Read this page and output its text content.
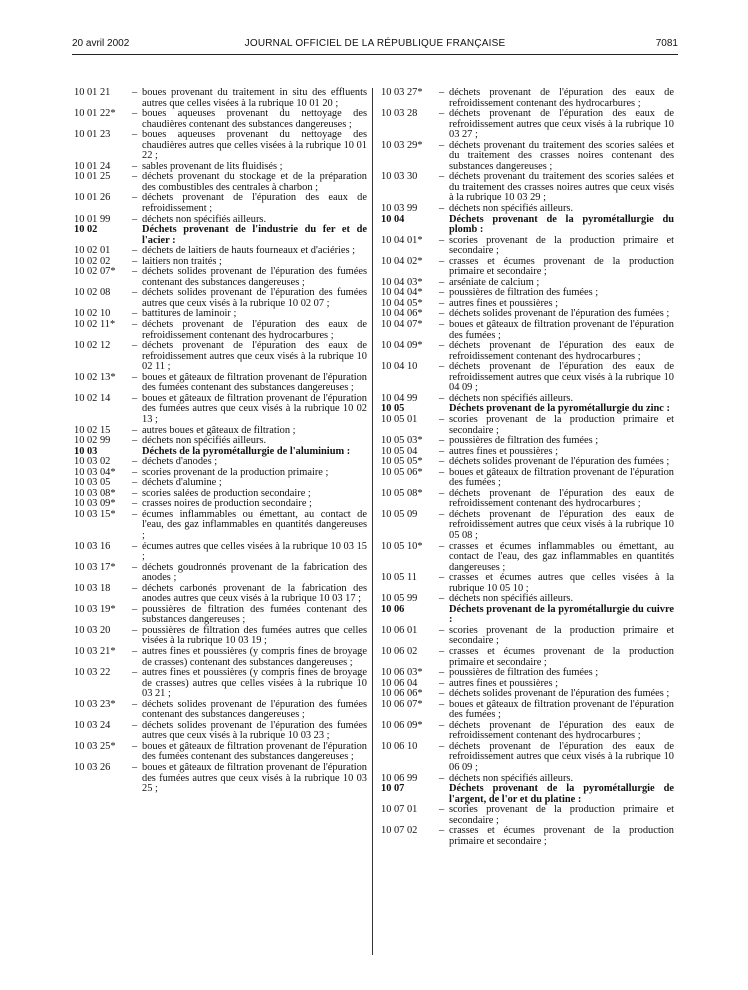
20 avril 2002	JOURNAL OFFICIEL DE LA RÉPUBLIQUE FRANÇAISE	7081
10 01 21	– boues provenant du traitement in situ des effluents autres que celles visées à la rubrique 10 01 20 ;
10 01 22*	– boues aqueuses provenant du nettoyage des chaudières contenant des substances dangereuses ;
10 01 23	– boues aqueuses provenant du nettoyage des chaudières autres que celles visées à la rubrique 10 01 22 ;
10 01 24	– sables provenant de lits fluidisés ;
10 01 25	– déchets provenant du stockage et de la préparation des combustibles des centrales à charbon ;
10 01 26	– déchets provenant de l'épuration des eaux de refroidissement ;
10 01 99	– déchets non spécifiés ailleurs.
10 02	Déchets provenant de l'industrie du fer et de l'acier :
10 02 01	– déchets de laitiers de hauts fourneaux et d'aciéries ;
10 02 02	– laitiers non traités ;
10 02 07*	– déchets solides provenant de l'épuration des fumées contenant des substances dangereuses ;
10 02 08	– déchets solides provenant de l'épuration des fumées autres que ceux visés à la rubrique 10 02 07 ;
10 02 10	– battitures de laminoir ;
10 02 11*	– déchets provenant de l'épuration des eaux de refroidissement contenant des hydrocarbures ;
10 02 12	– déchets provenant de l'épuration des eaux de refroidissement autres que ceux visés à la rubrique 10 02 11 ;
10 02 13*	– boues et gâteaux de filtration provenant de l'épuration des fumées contenant des substances dangereuses ;
10 02 14	– boues et gâteaux de filtration provenant de l'épuration des fumées autres que ceux visés à la rubrique 10 02 13 ;
10 02 15	– autres boues et gâteaux de filtration ;
10 02 99	– déchets non spécifiés ailleurs.
10 03	Déchets de la pyrométallurgie de l'aluminium :
10 03 02	– déchets d'anodes ;
10 03 04*	– scories provenant de la production primaire ;
10 03 05	– déchets d'alumine ;
10 03 08*	– scories salées de production secondaire ;
10 03 09*	– crasses noires de production secondaire ;
10 03 15*	– écumes inflammables ou émettant, au contact de l'eau, des gaz inflammables en quantités dangereuses ;
10 03 16	– écumes autres que celles visées à la rubrique 10 03 15 ;
10 03 17*	– déchets goudronnés provenant de la fabrication des anodes ;
10 03 18	– déchets carbonés provenant de la fabrication des anodes autres que ceux visés à la rubrique 10 03 17 ;
10 03 19*	– poussières de filtration des fumées contenant des substances dangereuses ;
10 03 20	– poussières de filtration des fumées autres que celles visées à la rubrique 10 03 19 ;
10 03 21*	– autres fines et poussières (y compris fines de broyage de crasses) contenant des substances dangereuses ;
10 03 22	– autres fines et poussières (y compris fines de broyage de crasses) autres que celles visées à la rubrique 10 03 21 ;
10 03 23*	– déchets solides provenant de l'épuration des fumées contenant des substances dangereuses ;
10 03 24	– déchets solides provenant de l'épuration des fumées autres que ceux visés à la rubrique 10 03 23 ;
10 03 25*	– boues et gâteaux de filtration provenant de l'épuration des fumées contenant des substances dangereuses ;
10 03 26	– boues et gâteaux de filtration provenant de l'épuration des fumées autres que ceux visés à la rubrique 10 03 25 ;
10 03 27*	– déchets provenant de l'épuration des eaux de refroidissement contenant des hydrocarbures ;
10 03 28	– déchets provenant de l'épuration des eaux de refroidissement autres que ceux visés à la rubrique 10 03 27 ;
10 03 29*	– déchets provenant du traitement des scories salées et du traitement des crasses noires contenant des substances dangereuses ;
10 03 30	– déchets provenant du traitement des scories salées et du traitement des crasses noires autres que ceux visés à la rubrique 10 03 29 ;
10 03 99	– déchets non spécifiés ailleurs.
10 04	Déchets provenant de la pyrométallurgie du plomb :
10 04 01*	– scories provenant de la production primaire et secondaire ;
10 04 02*	– crasses et écumes provenant de la production primaire et secondaire ;
10 04 03*	– arséniate de calcium ;
10 04 04*	– poussières de filtration des fumées ;
10 04 05*	– autres fines et poussières ;
10 04 06*	– déchets solides provenant de l'épuration des fumées ;
10 04 07*	– boues et gâteaux de filtration provenant de l'épuration des fumées ;
10 04 09*	– déchets provenant de l'épuration des eaux de refroidissement contenant des hydrocarbures ;
10 04 10	– déchets provenant de l'épuration des eaux de refroidissement autres que ceux visés à la rubrique 10 04 09 ;
10 04 99	– déchets non spécifiés ailleurs.
10 05	Déchets provenant de la pyrométallurgie du zinc :
10 05 01	– scories provenant de la production primaire et secondaire ;
10 05 03*	– poussières de filtration des fumées ;
10 05 04	– autres fines et poussières ;
10 05 05*	– déchets solides provenant de l'épuration des fumées ;
10 05 06*	– boues et gâteaux de filtration provenant de l'épuration des fumées ;
10 05 08*	– déchets provenant de l'épuration des eaux de refroidissement contenant des hydrocarbures ;
10 05 09	– déchets provenant de l'épuration des eaux de refroidissement autres que ceux visés à la rubrique 10 05 08 ;
10 05 10*	– crasses et écumes inflammables ou émettant, au contact de l'eau, des gaz inflammables en quantités dangereuses ;
10 05 11	– crasses et écumes autres que celles visées à la rubrique 10 05 10 ;
10 05 99	– déchets non spécifiés ailleurs.
10 06	Déchets provenant de la pyrométallurgie du cuivre :
10 06 01	– scories provenant de la production primaire et secondaire ;
10 06 02	– crasses et écumes provenant de la production primaire et secondaire ;
10 06 03*	– poussières de filtration des fumées ;
10 06 04	– autres fines et poussières ;
10 06 06*	– déchets solides provenant de l'épuration des fumées ;
10 06 07*	– boues et gâteaux de filtration provenant de l'épuration des fumées ;
10 06 09*	– déchets provenant de l'épuration des eaux de refroidissement contenant des hydrocarbures ;
10 06 10	– déchets provenant de l'épuration des eaux de refroidissement autres que ceux visés à la rubrique 10 06 09 ;
10 06 99	– déchets non spécifiés ailleurs.
10 07	Déchets provenant de la pyrométallurgie de l'argent, de l'or et du platine :
10 07 01	– scories provenant de la production primaire et secondaire ;
10 07 02	– crasses et écumes provenant de la production primaire et secondaire ;
